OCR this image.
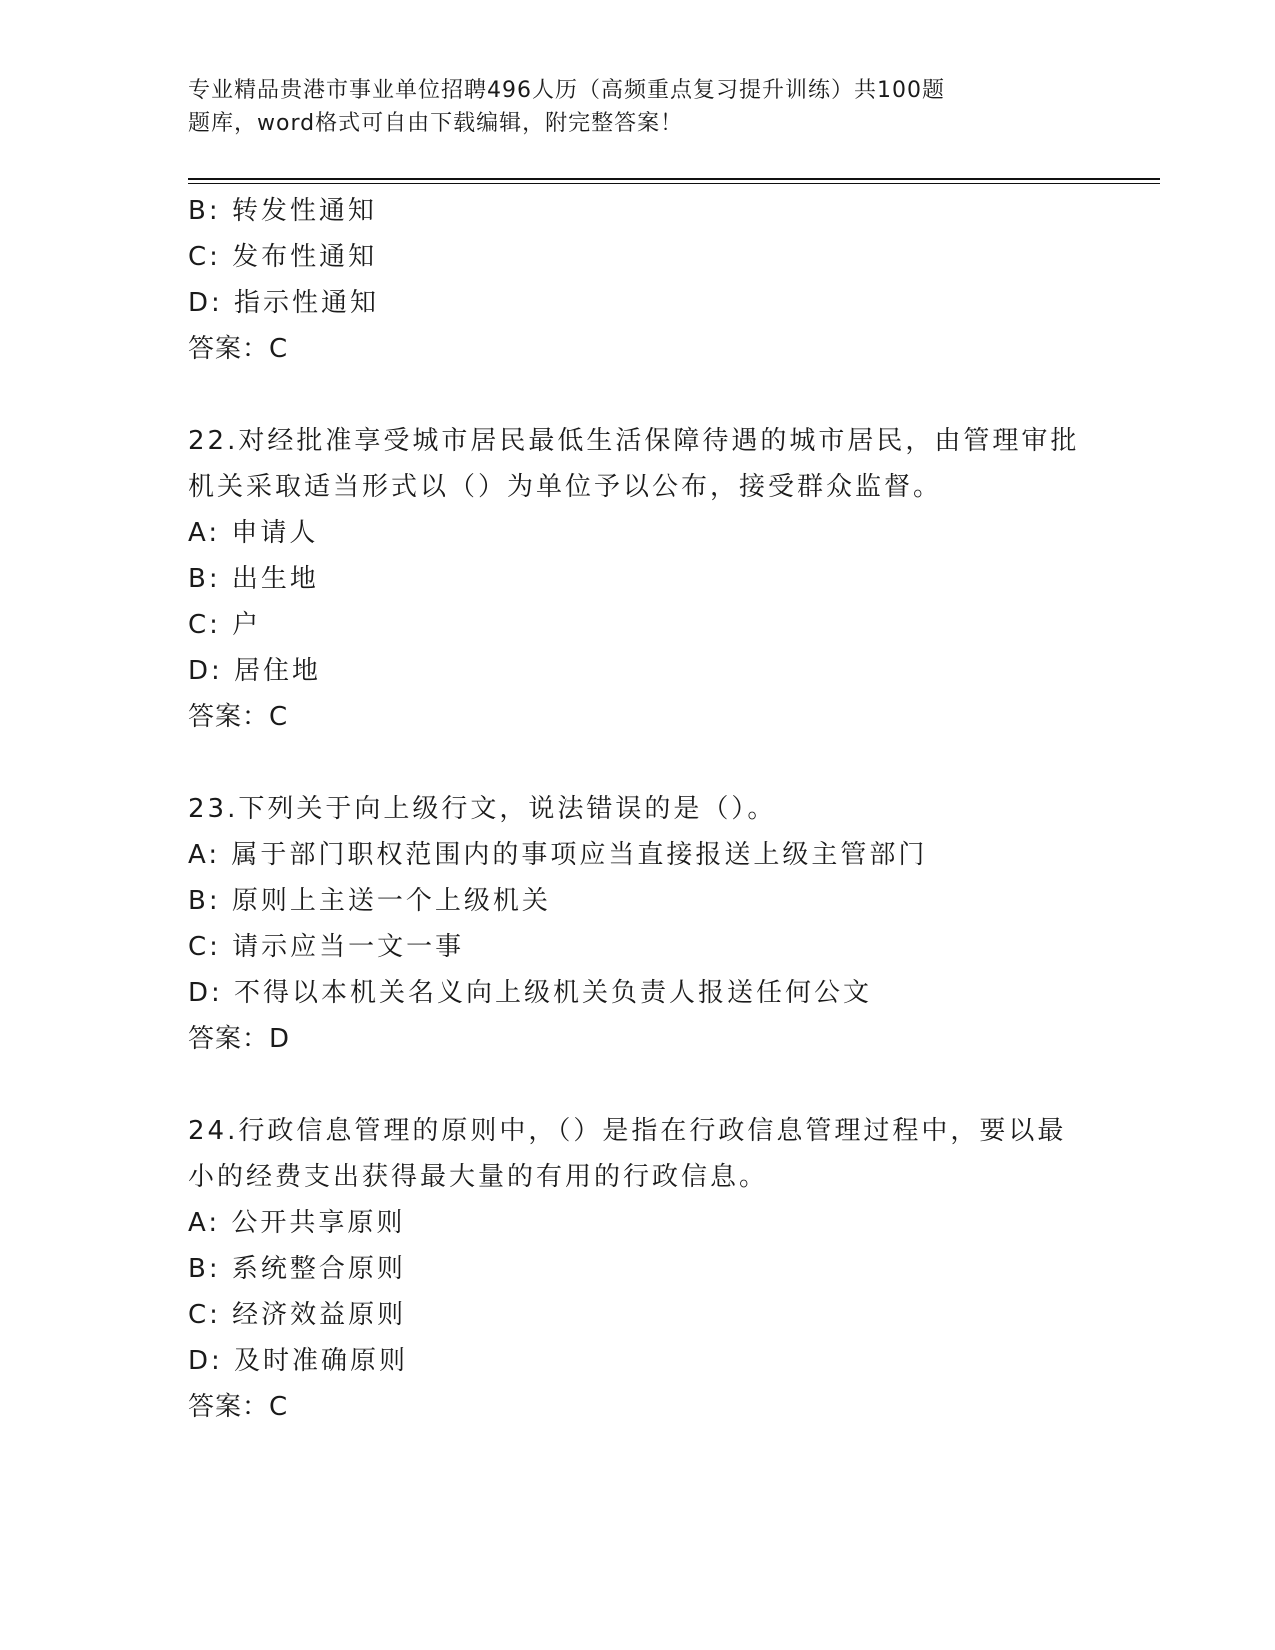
专业精品贵港市事业单位招聘496人历（高频重点复习提升训练）共100题
题库，word格式可自由下载编辑，附完整答案！
B: 转发性通知
C: 发布性通知
D: 指示性通知
答案：C
22.对经批准享受城市居民最低生活保障待遇的城市居民，由管理审批
机关采取适当形式以（）为单位予以公布，接受群众监督。
A: 申请人
B: 出生地
C: 户
D: 居住地
答案：C
23.下列关于向上级行文，说法错误的是（）。
A: 属于部门职权范围内的事项应当直接报送上级主管部门
B: 原则上主送一个上级机关
C: 请示应当一文一事
D: 不得以本机关名义向上级机关负责人报送任何公文
答案：D
24.行政信息管理的原则中，（）是指在行政信息管理过程中，要以最
小的经费支出获得最大量的有用的行政信息。
A: 公开共享原则
B: 系统整合原则
C: 经济效益原则
D: 及时准确原则
答案：C
